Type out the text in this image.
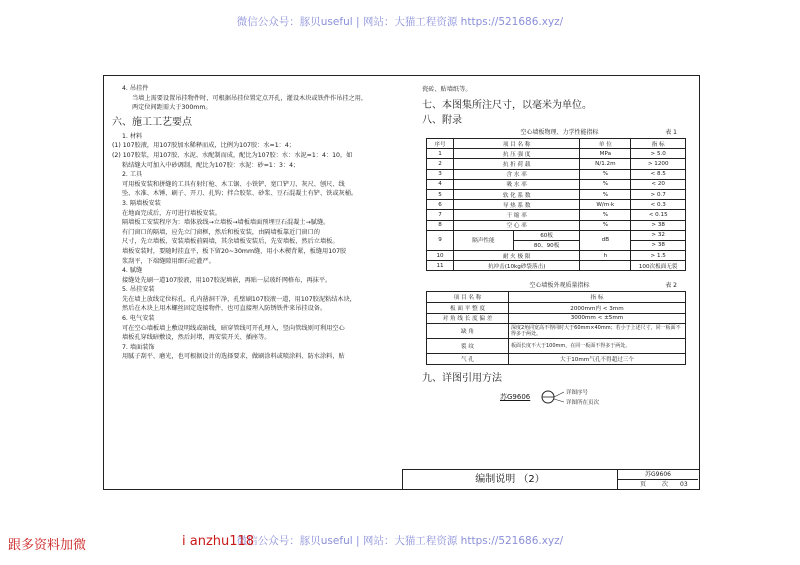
微信公众号：豚贝useful | 网站：大猫工程资源 https://521686.xyz/
4. 吊挂件
当墙上需要设置吊挂物件时，可根据吊挂位置定点开孔，灌设木块或铁件作吊挂之用，
两定位间距需大于300mm。
六、施工工艺要点
1. 材料
(1) 107胶液，用107胶加水稀释而成，比例为107胶：水=1：4；
(2) 107胶浆，用107胶、水泥、水配制而成，配比为107胶：水：水泥=1：4：10，如
粘结缝大可加入中砂调制，配比为107胶：水泥：砂=1：3：4；
2. 工具
可用板安装和拼缝的工具有射钉枪、木工锯、小铁铲、宽口铲刀、灰尺、刨尺、线
坠、水准、木锤、刷子、开刀、扎钩；拌合胶浆、砂浆、豆石混凝土有铲、铁或灰桶。
3. 隔墙板安装
在地面完成后，方可进行墙板安装。
隔墙板工安装程序为：墙体放线→立墙板→墙板墙面预埋豆石混凝土→腻缝。
有门窗口的隔墙，应先立门窗框，然后和板安装，由隔墙板靠近门窗口的
尺寸，先立墙板，安装墙板前隔墙，其余墙板安装后，先安墙板，然后立墙板。
墙板安装时，要随时挂直平，板下留20~30mm缝，用小木楔背紧，板缝用107胶
浆刮平，下端缝隙用细石砼灌严。
4. 腻缝
接缝处先刷一道107胶液，用107胶泥填嵌，再贴一层玻纤网格布，再抹平。
5. 吊挂安装
先在墙上放线定位标孔，孔内凿洞干净，孔壁刷107胶液一道，用107胶泥粘结木块，
然后在木块上用木螺丝固定连接物件，也可直接埋入防锈铁件来吊挂设备。
6. 电气安装
可在空心墙板墙上敷设明线或暗线，暗穿管线可开孔埋入，竖向管线则可利用空心
墙板孔穿线暗敷设，然后封堵，再安装开关、插座等。
7. 墙面装饰
用腻子刮平、磨光，也可根据设计的选择要求，做刷涂料或喷涂料、防水涂料，贴
瓷砖、贴墙纸等。
七、本图集所注尺寸，以毫米为单位。
八、附录
空心墙板物理、力学性能指标	表 1
序号	项 目 名 称		单 位	指 标
1	抗 压 强 度		MPa	> 5.0
2	抗 折 荷 载		N/1.2m	> 1200
3	含 水 率		%	< 8.5
4	吸 水 率		%	< 20
5	软 化 系 数		%	> 0.7
6	导 热 系 数		W/m·k	< 0.3
7	干 缩 率		%	< 0.15
8	空 心 率		%	> 38
9	隔声性能	60板	dB	> 32
		80、90板		> 38
10	耐 火 极 限		h	> 1.5
11	抗冲击(10kg砂袋落击)			100次板面无裂
空心墙板外观质量指标	表 2
项 目 名 称	指 标
板 面 平 整 度	2000mm内 < 3mm
对 角 线 长 度 偏 差	3000mm < ±5mm
缺 角	深度2角同宽高不得同时大于60mm×40mm；若小于上述尺寸，同一板面不得多于两处。
裂 纹	板面长度不大于100mm，在同一板面不得多于两处。
气 孔	大于10mm气孔不得超过三个
九、详图引用方法
苏G9606	详图序号
详图所在页次
编制说明 （2）	苏G9606
页	次 03
微信公众号：豚贝useful | 网站：大猫工程资源 https://521686.xyz/
跟多资料加微	i anzhu118
